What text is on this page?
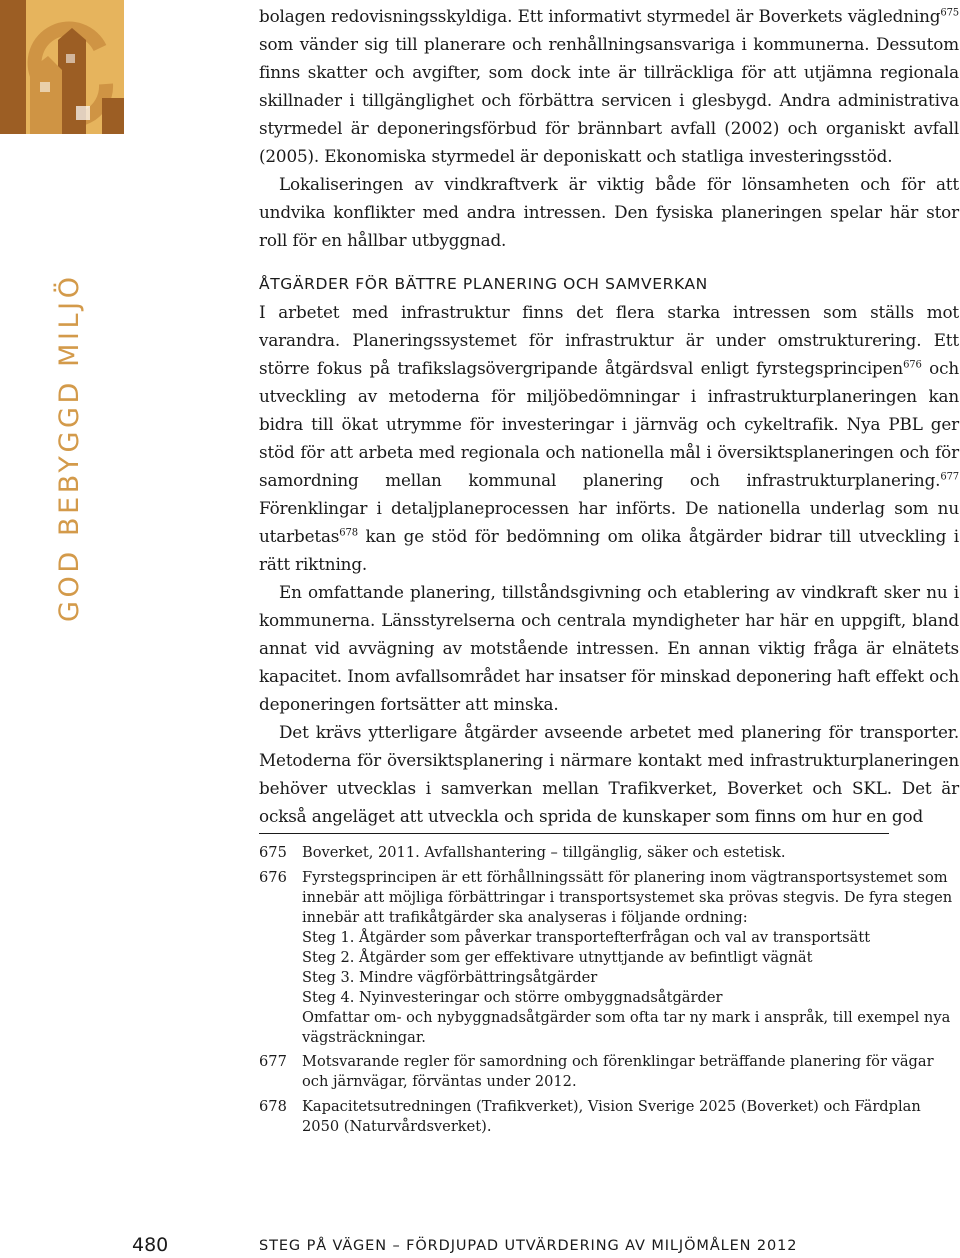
GOD BEBYGGD MILJÖ

bolagen redovisningsskyldiga. Ett informativt styrmedel är Boverkets vägledning$^{675}$ som vänder sig till planerare och renhållningsansvariga i kommunerna. Dessutom finns skatter och avgifter, som dock inte är tillräckliga för att utjämna regionala skillnader i tillgänglighet och förbättra servicen i glesbygd. Andra administrativa styrmedel är deponeringsförbud för brännbart avfall (2002) och organiskt avfall (2005). Ekonomiska styrmedel är deponiskatt och statliga investeringsstöd.

Lokaliseringen av vindkraftverk är viktig både för lönsamheten och för att undvika konflikter med andra intressen. Den fysiska planeringen spelar här stor roll för en hållbar utbyggnad.

ÅTGÄRDER FÖR BÄTTRE PLANERING OCH SAMVERKAN

I arbetet med infrastruktur finns det flera starka intressen som ställs mot varandra. Planeringssystemet för infrastruktur är under omstrukturering. Ett större fokus på trafikslagsövergripande åtgärdsval enligt fyrstegsprincipen$^{676}$ och utveckling av metoderna för miljöbedömningar i infrastrukturplaneringen kan bidra till ökat utrymme för investeringar i järnväg och cykeltrafik. Nya PBL ger stöd för att arbeta med regionala och nationella mål i översiktsplaneringen och för samordning mellan kommunal planering och infrastrukturplanering.$^{677}$ Förenklingar i detaljplaneprocessen har införts. De nationella underlag som nu utarbetas$^{678}$ kan ge stöd för bedömning om olika åtgärder bidrar till utveckling i rätt riktning.

En omfattande planering, tillståndsgivning och etablering av vindkraft sker nu i kommunerna. Länsstyrelserna och centrala myndigheter har här en uppgift, bland annat vid avvägning av motstående intressen. En annan viktig fråga är elnätets kapacitet. Inom avfallsområdet har insatser för minskad deponering haft effekt och deponeringen fortsätter att minska.

Det krävs ytterligare åtgärder avseende arbetet med planering för transporter. Metoderna för översiktsplanering i närmare kontakt med infrastrukturplaneringen behöver utvecklas i samverkan mellan Trafikverket, Boverket och SKL. Det är också angeläget att utveckla och sprida de kunskaper som finns om hur en god

675 Boverket, 2011. Avfallshantering – tillgänglig, säker och estetisk.
676 Fyrstegsprincipen är ett förhållningssätt för planering inom vägtransportsystemet som innebär att möjliga förbättringar i transportsystemet ska prövas stegvis. De fyra stegen innebär att trafikåtgärder ska analyseras i följande ordning:
Steg 1. Åtgärder som påverkar transportefterfrågan och val av transportsätt
Steg 2. Åtgärder som ger effektivare utnyttjande av befintligt vägnät
Steg 3. Mindre vägförbättringsåtgärder
Steg 4. Nyinvesteringar och större ombyggnadsåtgärder
Omfattar om- och nybyggnadsåtgärder som ofta tar ny mark i anspråk, till exempel nya vägsträckningar.
677 Motsvarande regler för samordning och förenklingar beträffande planering för vägar och järnvägar, förväntas under 2012.
678 Kapacitetsutredningen (Trafikverket), Vision Sverige 2025 (Boverket) och Färdplan 2050 (Naturvårdsverket).
480	STEG PÅ VÄGEN – FÖRDJUPAD UTVÄRDERING AV MILJÖMÅLEN 2012
